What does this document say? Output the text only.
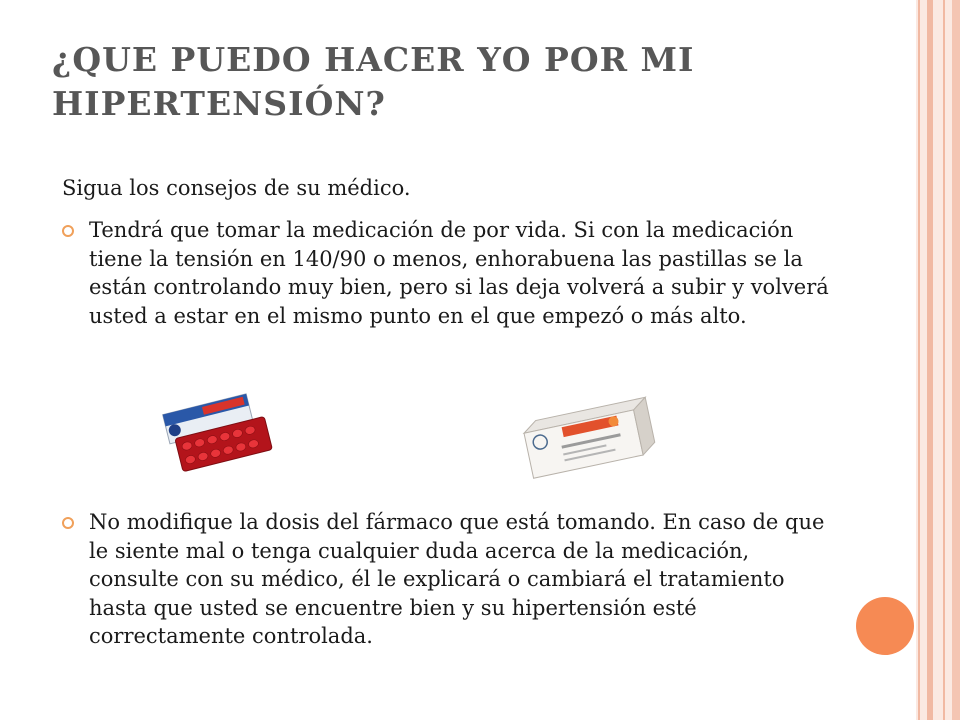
¿QUE PUEDO HACER YO POR MI HIPERTENSIÓN?

Sigua los consejos de su médico.

Tendrá que tomar la medicación de por vida. Si con la medicación tiene la tensión en 140/90 o menos, enhorabuena las pastillas se la están controlando muy bien, pero si las deja volverá a subir y volverá usted a estar en el mismo punto en el que empezó o más alto.
No modifique la dosis del fármaco que está tomando. En caso de que le siente mal o tenga cualquier duda acerca de la medicación, consulte con su médico, él le explicará o cambiará el tratamiento hasta que usted se encuentre bien y su hipertensión esté correctamente controlada.
